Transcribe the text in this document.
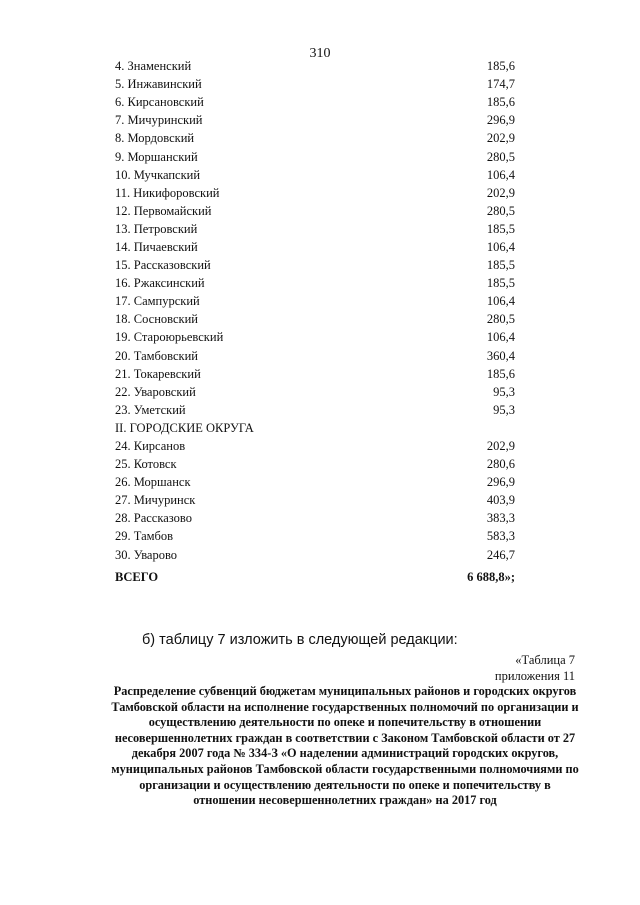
310
4. Знаменский	185,6
5. Инжавинский	174,7
6. Кирсановский	185,6
7. Мичуринский	296,9
8. Мордовский	202,9
9. Моршанский	280,5
10. Мучкапский	106,4
11. Никифоровский	202,9
12. Первомайский	280,5
13. Петровский	185,5
14. Пичаевский	106,4
15. Рассказовский	185,5
16. Ржаксинский	185,5
17. Сампурский	106,4
18. Сосновский	280,5
19. Староюрьевский	106,4
20. Тамбовский	360,4
21. Токаревский	185,6
22. Уваровский	95,3
23. Уметский	95,3
II. ГОРОДСКИЕ ОКРУГА	
24. Кирсанов	202,9
25. Котовск	280,6
26. Моршанск	296,9
27. Мичуринск	403,9
28. Рассказово	383,3
29. Тамбов	583,3
30. Уварово	246,7
ВСЕГО	6 688,8»;
б) таблицу 7 изложить в следующей редакции:
«Таблица 7
приложения 11
Распределение субвенций бюджетам муниципальных районов и городских округов Тамбовской области на исполнение государственных полномочий по организации и осуществлению деятельности по опеке и попечительству в отношении несовершеннолетних граждан в соответствии с Законом Тамбовской области от 27 декабря 2007 года № 334-З «О наделении администраций городских округов, муниципальных районов Тамбовской области государственными полномочиями по организации и осуществлению деятельности по опеке и попечительству в отношении несовершеннолетних граждан» на 2017 год
